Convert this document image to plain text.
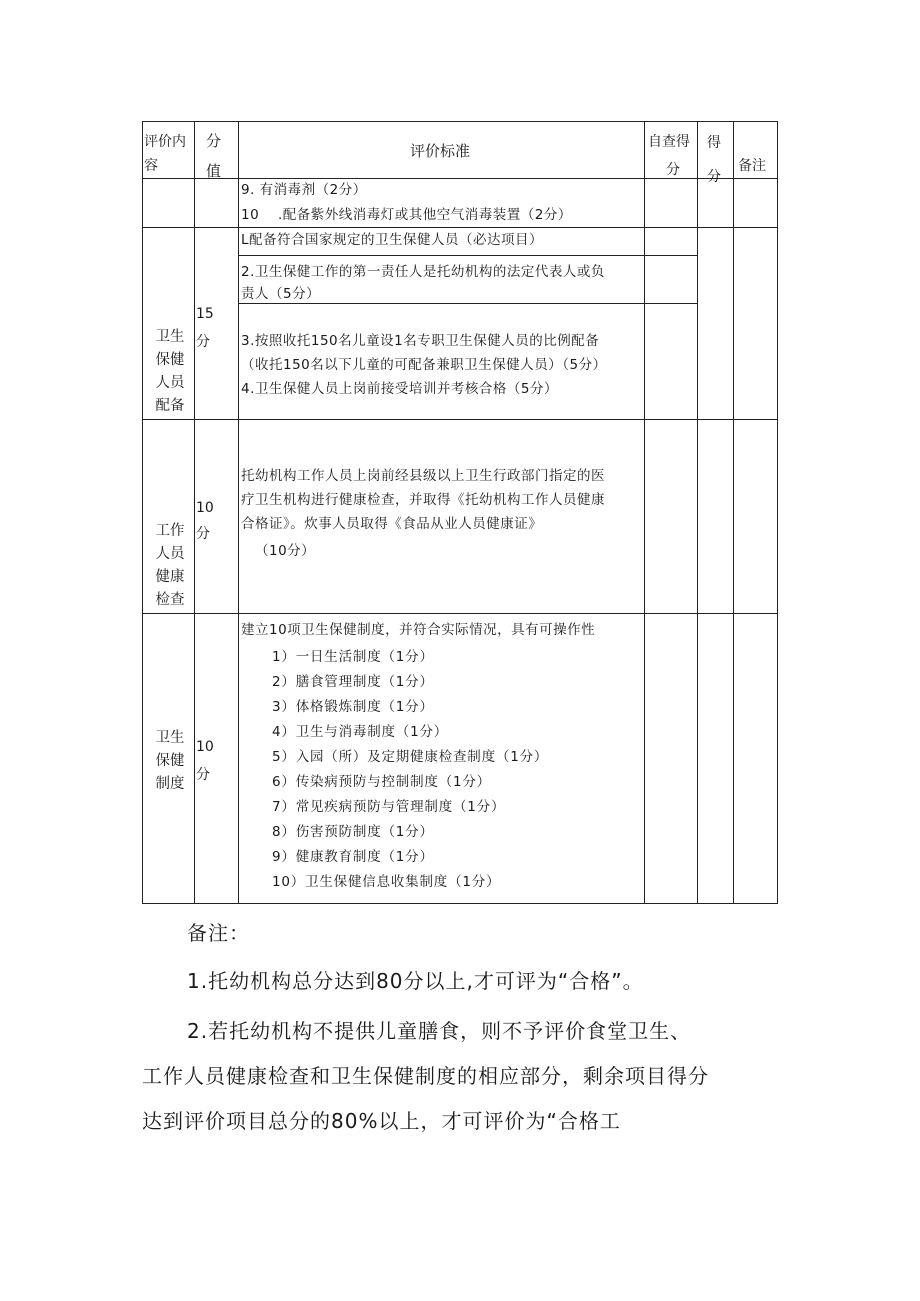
评价内
容
分
值
评价标准	自查得
分
得
分
备注
9. 有消毒剂（2分）
10 .配备紫外线消毒灯或其他空气消毒装置（2分）
卫生
保健
人员
配备
15
分
L配备符合国家规定的卫生保健人员（必达项目）
2.卫生保健工作的第一责任人是托幼机构的法定代表人或负
责人（5分）
3.按照收托150名儿童设1名专职卫生保健人员的比例配备
（收托150名以下儿童的可配备兼职卫生保健人员）（5分）
4.卫生保健人员上岗前接受培训并考核合格（5分）
工作
人员
健康
检查
10
分
托幼机构工作人员上岗前经县级以上卫生行政部门指定的医
疗卫生机构进行健康检查，并取得《托幼机构工作人员健康
合格证》。炊事人员取得《食品从业人员健康证》
（10分）
卫生
保健
制度
10
分
建立10项卫生保健制度，并符合实际情况，具有可操作性
1）一日生活制度（1分）
2）膳食管理制度（1分）
3）体格锻炼制度（1分）
4）卫生与消毒制度（1分）
5）入园（所）及定期健康检查制度（1分）
6）传染病预防与控制制度（1分）
7）常见疾病预防与管理制度（1分）
8）伤害预防制度（1分）
9）健康教育制度（1分）
10）卫生保健信息收集制度（1分）
备注：
1.托幼机构总分达到80分以上,才可评为“合格”。
2.若托幼机构不提供儿童膳食，则不予评价食堂卫生、
工作人员健康检查和卫生保健制度的相应部分，剩余项目得分
达到评价项目总分的80%以上，才可评价为“合格工
